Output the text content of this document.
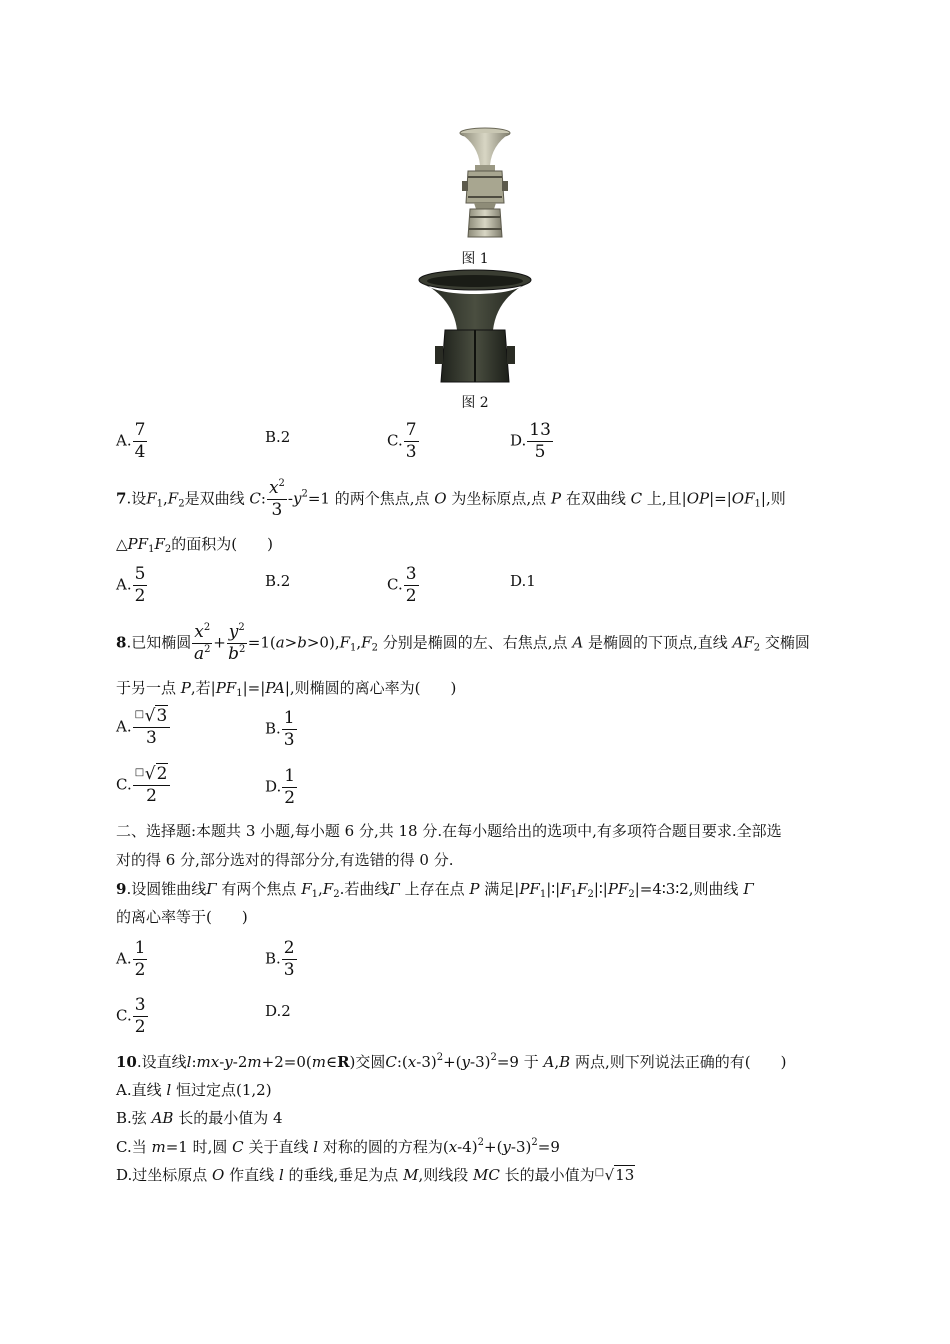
图 1
图 2
A. $\frac{7}{4}$	B.2	C. $\frac{7}{3}$	D. $\frac{13}{5}$
7.设$F_1,F_2$是双曲线 C: $\frac{x^2}{3} -y^2=1$ 的两个焦点,点 O 为坐标原点,点 P 在双曲线 C 上,且$|OP|=|OF_1|$,则
$\triangle PF_1F_2$的面积为(　　)
A. $\frac{5}{2}$	B.2	C. $\frac{3}{2}$	D.1
8.已知椭圆 $\frac{x^2}{a^2} + \frac{y^2}{b^2} =1(a>b>0),F_1,F_2$ 分别是椭圆的左、右焦点,点 A 是椭圆的下顶点,直线 $AF_2$ 交椭圆
于另一点 P,若$|PF_1|=|PA|$,则椭圆的离心率为(　　)
A. $\frac{□ √3}{3}$	B. $\frac{1}{3}$
C. $\frac{□ √2}{2}$	D. $\frac{1}{2}$
二、选择题:本题共 3 小题,每小题 6 分,共 18 分.在每小题给出的选项中,有多项符合题目要求.全部选
对的得 6 分,部分选对的得部分分,有选错的得 0 分.
9.设圆锥曲线Γ 有两个焦点 $F_1,F_2$.若曲线Γ 上存在点 P 满足$|PF_1|∶|F_1F_2|∶|PF_2|=4∶3∶2$,则曲线 Γ
的离心率等于(　　)
A. $\frac{1}{2}$	B. $\frac{2}{3}$
C. $\frac{3}{2}$	D.2
10.设直线l:mx-y-2m+2=0(m∈R)交圆$C:(x-3)^2+(y-3)^2=9$ 于 A,B 两点,则下列说法正确的有(　　)
A.直线 l 恒过定点(1,2)
B.弦 AB 长的最小值为 4
C.当 m=1 时,圆 C 关于直线 l 对称的圆的方程为$(x-4)^2+(y-3)^2=9$
D.过坐标原点 O 作直线 l 的垂线,垂足为点 M,则线段 MC 长的最小值为 □ √13
